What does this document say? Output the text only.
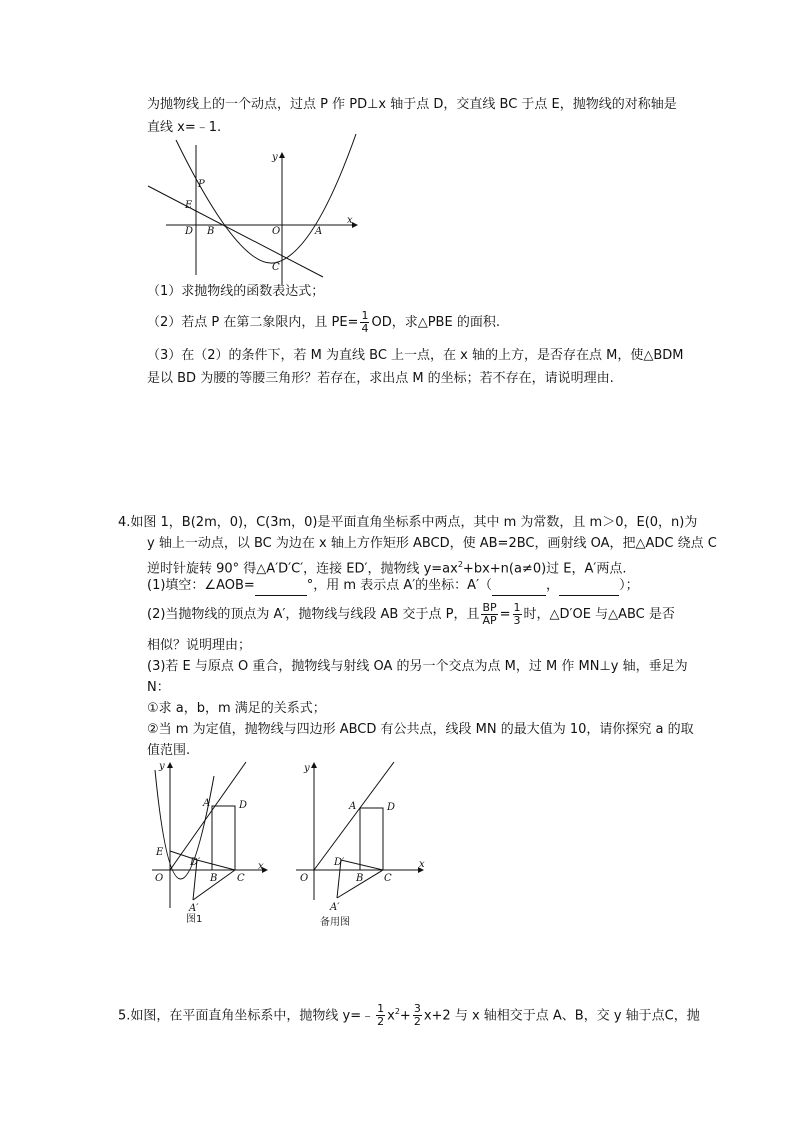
为抛物线上的一个动点，过点 P 作 PD⊥x 轴于点 D，交直线 BC 于点 E，抛物线的对称轴是
直线 x=﹣1.
y
x
P
E
D B	O	A
C
（1）求抛物线的函数表达式；
（2）若点 P 在第二象限内，且 $PE= \frac{1}{4}$ OD，求△PBE 的面积.
（3）在（2）的条件下，若 M 为直线 BC 上一点，在 x 轴的上方，是否存在点 M，使△BDM
是以 BD 为腰的等腰三角形？若存在，求出点 M 的坐标；若不存在，请说明理由.
4.如图 1，B(2m，0)，C(3m，0)是平面直角坐标系中两点，其中 m 为常数，且 m＞0，E(0，n)为
y 轴上一动点，以 BC 为边在 x 轴上方作矩形 ABCD，使 AB=2BC，画射线 OA，把△ADC 绕点 C
逆时针旋转 90° 得△A′D′C′，连接 ED′，抛物线 $y=ax^2+bx+n(a\ne 0)$过 E，A′两点.
(1)填空：∠AOB=	°，用 m 表示点 A′的坐标：A′（	，	）；
(2)当抛物线的顶点为 A′，抛物线与线段 AB 交于点 P，且 $\frac{BP}{AP} = \frac{1}{3}$ 时，△D′OE 与△ABC 是否
相似？说明理由；
(3)若 E 与原点 O 重合，抛物线与射线 OA 的另一个交点为点 M，过 M 作 MN⊥y 轴，垂足为
N：
①求 a，b，m 满足的关系式；
②当 m 为定值，抛物线与四边形 ABCD 有公共点，线段 MN 的最大值为 10，请你探究 a 的取
值范围.
y
x
A	D
E
D′
O	B C
A′
图1
y
x
A	D
D′
O	B C
A′
备用图
5.如图，在平面直角坐标系中，抛物线 y=﹣ $\frac{1}{2} x^2+ \frac{3}{2} x+2$ 与 x 轴相交于点 A、B，交 y 轴于点C，抛
